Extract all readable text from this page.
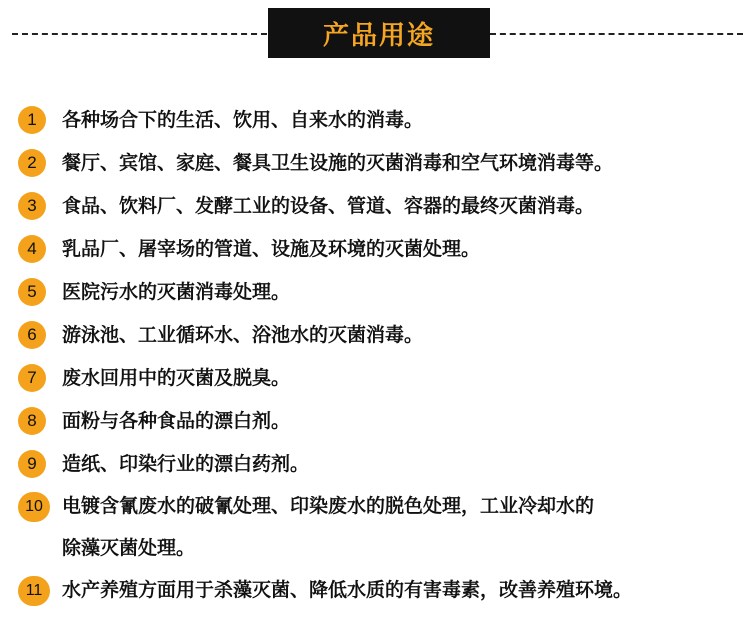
产品用途
1	各种场合下的生活、饮用、自来水的消毒。
2	餐厅、宾馆、家庭、餐具卫生设施的灭菌消毒和空气环境消毒等。
3	食品、饮料厂、发酵工业的设备、管道、容器的最终灭菌消毒。
4	乳品厂、屠宰场的管道、设施及环境的灭菌处理。
5	医院污水的灭菌消毒处理。
6	游泳池、工业循环水、浴池水的灭菌消毒。
7	废水回用中的灭菌及脱臭。
8	面粉与各种食品的漂白剂。
9	造纸、印染行业的漂白药剂。
10	电镀含氰废水的破氰处理、印染废水的脱色处理，工业冷却水的
除藻灭菌处理。
11	水产养殖方面用于杀藻灭菌、降低水质的有害毒素，改善养殖环境。
